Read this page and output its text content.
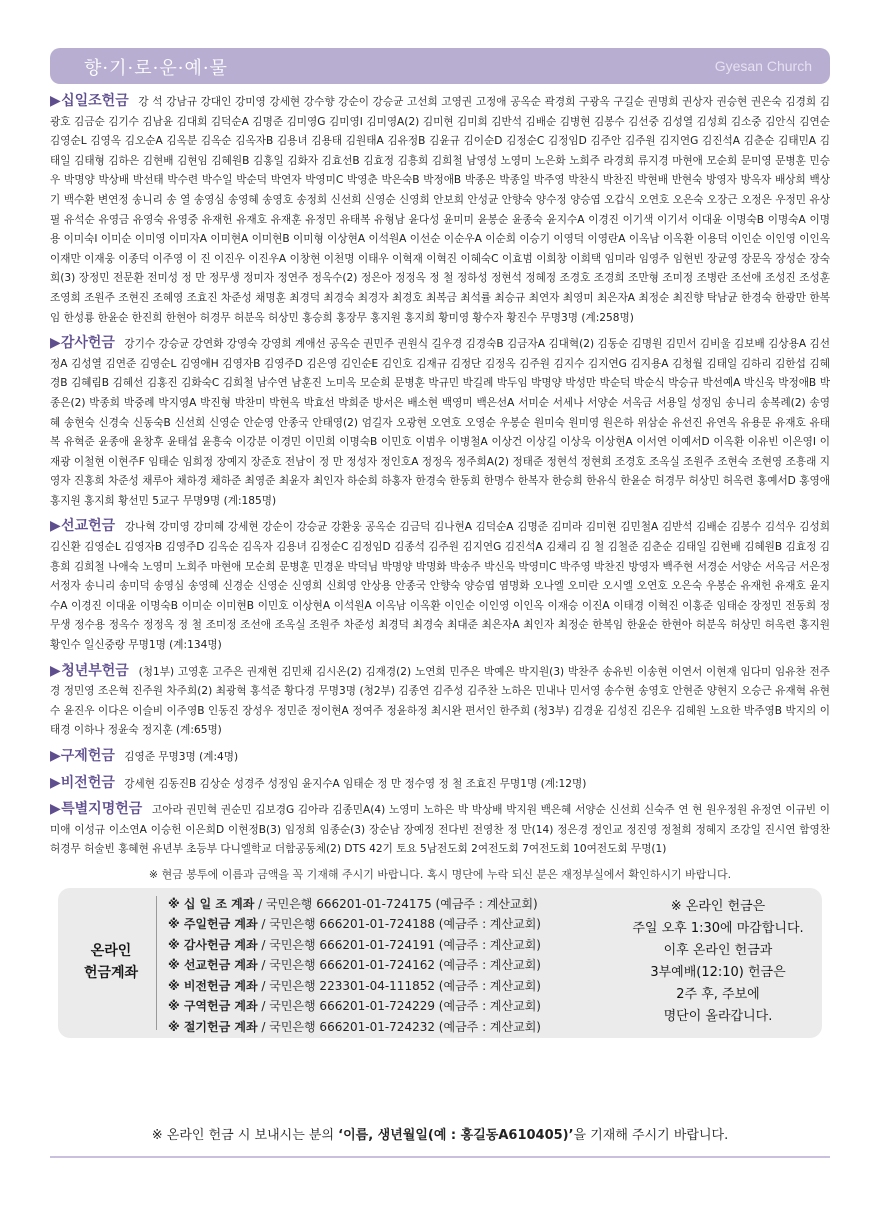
향·기·로·운·예·물	Gyesan Church
▶십일조헌금 강 석 강남규 강대인 강미영 강세현 강수향 강순이 강승균 고선희 고영권 고정애 공옥순 곽경희 구광옥 구길순 권명희 권상자 권승현 권은숙 김경희 김광호 김금순 김기수 김남윤 김대희 김덕순A 김명준 김미영G 김미영I 김미영A(2) 김미현 김미희 김반석 김배순 김병현 김봉수 김선중 김성열 김성희 김소중 김안식 김연순 김영순L 김영옥 김오순A 김옥분 김옥순 김옥자B 김용녀 김용태 김원태A 김유정B 김윤규 김이순D 김정순C 김정임D 김주안 김주원 김지연G 김진석A 김춘순 김태민A 김태일 김태형 김하은 김현배 김현임 김혜원B 김홍일 김화자 김효선B 김효정 김흥희 김희철 남영성 노영미 노은화 노희주 라경희 류지경 마현애 모순희 문미영 문병훈 민승우 박명양 박상배 박선태 박수련 박수일 박순덕 박연자 박영미C 박영춘 박은숙B 박정애B 박종은 박종일 박주영 박찬식 박찬진 박현배 반현숙 방영자 방옥자 배상희 백상기 백수환 변연정 송니리 송 열 송영심 송영혜 송영호 송정희 신선희 신영순 신영희 안보희 안성균 안향숙 양수정 양승엽 오갑식 오연호 오은숙 오장근 오정은 우정민 유상필 유석순 유영금 유영숙 유영중 유재헌 유재호 유재훈 유정민 유태복 유형남 윤다성 윤미미 윤봉순 윤종숙 윤지수A 이경진 이기색 이기서 이대윤 이명숙B 이명숙A 이명용 이미숙I 이미순 이미영 이미자A 이미현A 이미현B 이미형 이상현A 이석원A 이선순 이순우A 이순희 이승기 이영덕 이영란A 이옥남 이옥환 이용덕 이인순 이인영 이인옥 이재만 이재웅 이종덕 이주영 이 진 이진우 이진우A 이창현 이천명 이태우 이혁재 이혁진 이혜숙C 이효범 이희창 이희택 임미라 임영주 임현빈 장균영 장문옥 장성순 장숙희(3) 장정민 전문환 전미성 정 만 정무생 정미자 정연주 정옥수(2) 정은아 정정옥 정 철 정하성 정현석 정혜정 조경호 조경희 조만형 조미정 조병란 조선애 조성진 조성훈 조영희 조원주 조현진 조혜영 조효진 차준성 채명훈 최경덕 최경숙 최경자 최경호 최복금 최석률 최승규 최연자 최영미 최은자A 최정순 최진향 탁남균 한경숙 한광만 한복임 한성룡 한윤순 한진희 한현아 허경무 허분옥 허상민 홍승희 홍장무 홍지원 홍지희 황미영 황수자 황진수 무명3명 (계:258명)
▶감사헌금 강기수 강승균 강연화 강영숙 강영희 계애선 공옥순 권민주 권원식 길우경 김경숙B 김금자A 김대혁(2) 김동순 김명원 김민서 김비울 김보배 김상용A 김선정A 김성열 김연준 김영순L 김영애H 김영자B 김영주D 김은영 김인순E 김인호 김재규 김정단 김정옥 김주원 김지수 김지연G 김지용A 김청월 김태일 김하리 김한섭 김혜경B 김혜림B 김혜선 김홍진 김화숙C 김희철 남수연 남훈진 노미옥 모순희 문병훈 박규민 박길례 박두임 박명양 박성만 박순덕 박순식 박승규 박선예A 박신욱 박정애B 박종은(2) 박종희 박중례 박지영A 박진형 박찬미 박현옥 박효선 박희준 방서은 배소현 백영미 백은선A 서미순 서세나 서양순 서옥금 서용일 성정임 송니리 송복례(2) 송영혜 송현숙 신경숙 신동숙B 신선희 신영순 안순영 안종국 안태영(2) 엄길자 오광현 오연호 오영순 우봉순 원미숙 원미영 원은하 위삼순 유선진 유연옥 유용문 유재호 유태복 유혁준 윤종애 윤창후 윤태섭 윤흥숙 이강분 이경민 이민희 이명숙B 이민호 이범우 이병철A 이상건 이상길 이상욱 이상현A 이서연 이예서D 이옥환 이유빈 이은영I 이재광 이철현 이현주F 임태순 임희정 장예지 장준호 전남이 정 만 정성자 정인호A 정정옥 정주희A(2) 정태준 정현석 정현희 조경호 조옥실 조원주 조현숙 조현영 조흥래 지영자 진홍희 차준성 채루아 채하경 채하준 최영준 최윤자 최인자 하순희 하홍자 한경숙 한동희 한명수 한복자 한승희 한유식 한윤순 허경무 허상민 허옥련 홍예서D 홍영애 홍지원 홍지희 황선민 5교구 무명9명 (계:185명)
▶선교헌금 강나혁 강미영 강미혜 강세현 강순이 강승균 강환웅 공옥순 김금덕 김나현A 김덕순A 김명준 김미라 김미현 김민철A 김반석 김배순 김봉수 김석우 김성희 김신환 김영순L 김영자B 김영주D 김옥순 김옥자 김용녀 김정순C 김정임D 김종석 김주원 김지연G 김진석A 김채리 김 철 김철준 김춘순 김태일 김현배 김혜원B 김효정 김흥희 김희철 나애숙 노영미 노희주 마현애 모순희 문병훈 민경운 박덕님 박명양 박명화 박송주 박신욱 박영미C 박주영 박찬진 방영자 백주현 서경순 서양순 서옥금 서은정 서정자 송니리 송미덕 송영심 송영혜 신경순 신영순 신영희 신희영 안상용 안종국 안향숙 양승엽 염명화 오나엘 오미란 오시엘 오연호 오은숙 우봉순 유재헌 유재호 윤지수A 이경진 이대윤 이명숙B 이미순 이미현B 이민호 이상현A 이석원A 이옥남 이옥환 이인순 이인영 이인옥 이재승 이진A 이태경 이혁진 이홍준 임태순 장정민 전동희 정무생 정수용 정옥수 정정옥 정 철 조미정 조선애 조옥실 조원주 차준성 최경덕 최경숙 최대준 최은자A 최인자 최정순 한복임 한윤순 한현아 허분옥 허상민 허옥련 홍지원 황인수 일신중랑 무명1명 (계:134명)
▶청년부헌금 (청1부) 고영훈 고주은 권재현 김민채 김시온(2) 김재경(2) 노연희 민주은 박예은 박지원(3) 박찬주 송유빈 이송현 이연서 이현재 임다미 임유찬 전주경 정민영 조은혁 진주원 차주희(2) 최광혁 홍석준 황다경 무명3명 (청2부) 김종연 김주성 김주찬 노하은 민내나 민서영 송수현 송영호 안현준 양현지 오승근 유재혁 유현수 윤진우 이다은 이슬비 이주영B 인동진 장성우 정민준 정이현A 정여주 정윤하정 최시완 편서인 한주희 (청3부) 김경윤 김성진 김은우 김혜원 노요한 박주영B 박지의 이태경 이하나 정윤숙 정지훈 (계:65명)
▶구제헌금 김영준 무명3명 (계:4명)
▶비전헌금 강세현 김동진B 김상순 성경주 성정임 윤지수A 임태순 정 만 정수영 정 철 조효진 무명1명 (계:12명)
▶특별지명헌금 고아라 권민혁 권순민 김보경G 김아라 김종민A(4) 노영미 노하은 박 박상배 박지원 백은혜 서양순 신선희 신숙주 연 현 원우정원 유정연 이규빈 이미애 이성규 이소연A 이승헌 이은희D 이현정B(3) 임정희 임종순(3) 장순남 장예정 전다빈 전영찬 정 만(14) 정은경 정인교 정진영 정철희 정혜지 조강일 진시연 함영찬 허경무 허술빈 홍혜현 유년부 초등부 다니엘학교 더함공동체(2) DTS 42기 토요 5남전도회 2여전도회 7여전도회 10여전도회 무명(1)
※ 현금 봉투에 이름과 금액을 꼭 기재해 주시기 바랍니다. 혹시 명단에 누락 되신 분은 재정부실에서 확인하시기 바랍니다.
온라인
헌금계좌
※ 십 일 조 계좌 / 국민은행 666201-01-724175 (예금주 : 계산교회)
※ 주일헌금 계좌 / 국민은행 666201-01-724188 (예금주 : 계산교회)
※ 감사헌금 계좌 / 국민은행 666201-01-724191 (예금주 : 계산교회)
※ 선교헌금 계좌 / 국민은행 666201-01-724162 (예금주 : 계산교회)
※ 비전헌금 계좌 / 국민은행 223301-04-111852 (예금주 : 계산교회)
※ 구역헌금 계좌 / 국민은행 666201-01-724229 (예금주 : 계산교회)
※ 절기헌금 계좌 / 국민은행 666201-01-724232 (예금주 : 계산교회)
※ 온라인 헌금은
주일 오후 1:30에 마감합니다.
이후 온라인 헌금과
3부예배(12:10) 헌금은
2주 후, 주보에
명단이 올라갑니다.
※ 온라인 헌금 시 보내시는 분의 ‘이름, 생년월일(예 : 홍길동A610405)’을 기재해 주시기 바랍니다.
